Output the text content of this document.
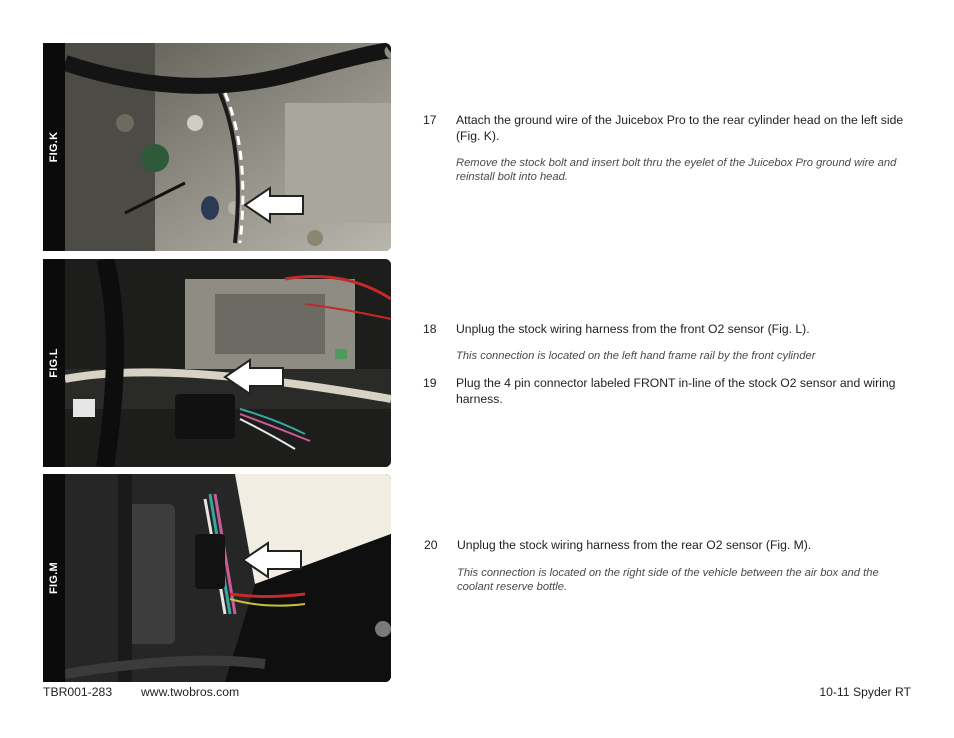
FIG.K
FIG.L
FIG.M
17 Attach the ground wire of the Juicebox Pro to the rear cylinder head on the left side (Fig. K).
Remove the stock bolt and insert bolt thru the eyelet of the Juicebox Pro ground wire and reinstall bolt into head.
18 Unplug the stock wiring harness from the front O2 sensor (Fig. L).
This connection is located on the left hand frame rail by the front cylinder
19 Plug the 4 pin connector labeled FRONT in-line of the stock O2 sensor and wiring harness.
20 Unplug the stock wiring harness from the rear O2 sensor (Fig. M).
This connection is located on the right side of the vehicle between the air box and the coolant reserve bottle.
TBR001-283 www.twobros.com	10-11 Spyder RT
